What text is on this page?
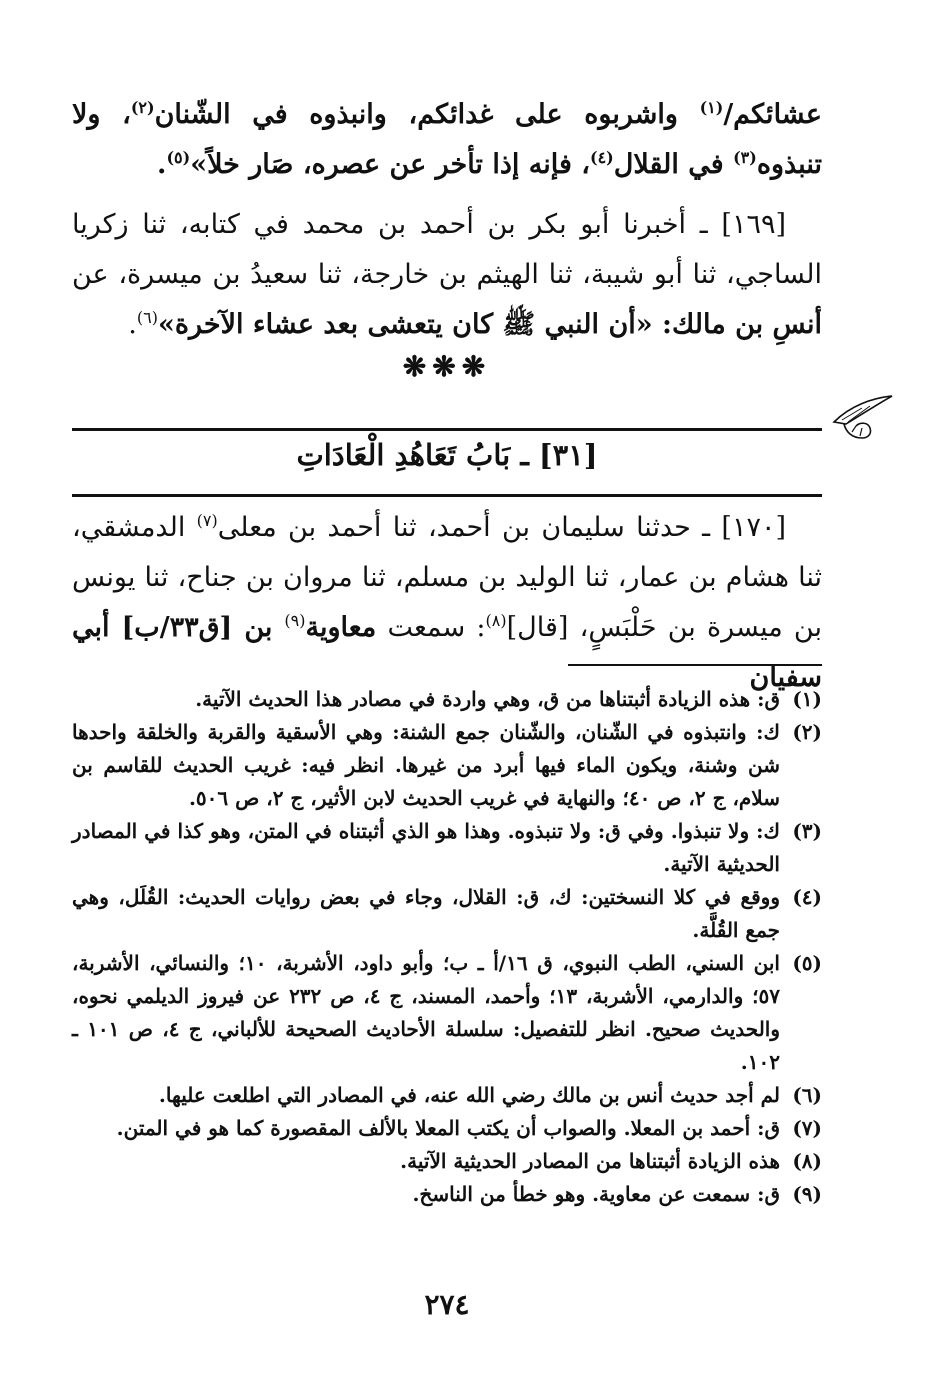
عشائكم/$^{(١)}$ واشربوه على غدائكم، وانبذوه في الشّنان$^{(٢)}$، ولا تنبذوه$^{(٣)}$ في القلال$^{(٤)}$، فإنه إذا تأخر عن عصره، صَار خلاً»$^{(٥)}$.

[١٦٩] ـ أخبرنا أبو بكر بن أحمد بن محمد في كتابه، ثنا زكريا الساجي، ثنا أبو شيبة، ثنا الهيثم بن خارجة، ثنا سعيدُ بن ميسرة، عن أنسِ بن مالك: «أن النبي ﷺ كان يتعشى بعد عشاء الآخرة»$^{(٦)}$.

❋❋❋
[٣١] ـ بَابُ تَعَاهُدِ الْعَادَاتِ

[١٧٠] ـ حدثنا سليمان بن أحمد، ثنا أحمد بن معلى$^{(٧)}$ الدمشقي، ثنا هشام بن عمار، ثنا الوليد بن مسلم، ثنا مروان بن جناح، ثنا يونس بن ميسرة بن حَلْبَسٍ، [قال]$^{(٨)}$: سمعت معاوية$^{(٩)}$ بن [ق٣٣/ب] أبي سفيان

(١)
ق: هذه الزيادة أثبتناها من ق، وهي واردة في مصادر هذا الحديث الآتية.

(٢)
ك: وانتبذوه في الشّنان، والشّنان جمع الشنة: وهي الأسقية والقربة والخلقة واحدها شن وشنة، ويكون الماء فيها أبرد من غيرها. انظر فيه: غريب الحديث للقاسم بن سلام، ج ٢، ص ٤٠؛ والنهاية في غريب الحديث لابن الأثير، ج ٢، ص ٥٠٦.

(٣)
ك: ولا تنبذوا. وفي ق: ولا تنبذوه. وهذا هو الذي أثبتناه في المتن، وهو كذا في المصادر الحديثية الآتية.

(٤)
ووقع في كلا النسختين: ك، ق: القلال، وجاء في بعض روايات الحديث: القُلَل، وهي جمع القُلَّة.

(٥)
ابن السني، الطب النبوي، ق ١٦/أ ـ ب؛ وأبو داود، الأشربة، ١٠؛ والنسائي، الأشربة، ٥٧؛ والدارمي، الأشربة، ١٣؛ وأحمد، المسند، ج ٤، ص ٢٣٢ عن فيروز الديلمي نحوه، والحديث صحيح. انظر للتفصيل: سلسلة الأحاديث الصحيحة للألباني، ج ٤، ص ١٠١ ـ ١٠٢.

(٦)
لم أجد حديث أنس بن مالك رضي الله عنه، في المصادر التي اطلعت عليها.

(٧)
ق: أحمد بن المعلا. والصواب أن يكتب المعلا بالألف المقصورة كما هو في المتن.

(٨)
هذه الزيادة أثبتناها من المصادر الحديثية الآتية.

(٩)
ق: سمعت عن معاوية. وهو خطأ من الناسخ.

٢٧٤
